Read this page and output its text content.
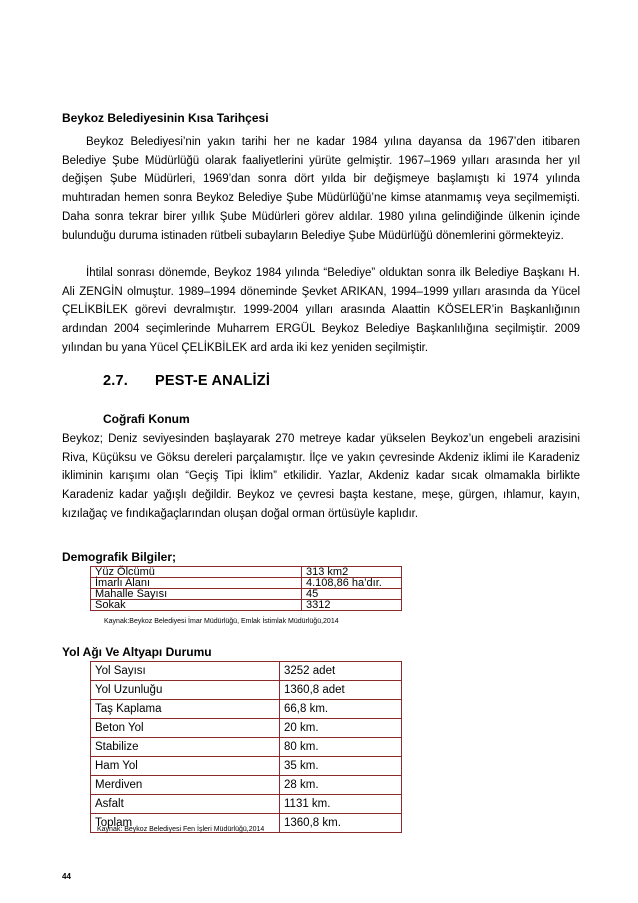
Beykoz Belediyesinin Kısa Tarihçesi

Beykoz Belediyesi’nin yakın tarihi her ne kadar 1984 yılına dayansa da 1967’den itibaren Belediye Şube Müdürlüğü olarak faaliyetlerini yürüte gelmiştir. 1967–1969 yılları arasında her yıl değişen Şube Müdürleri, 1969’dan sonra dört yılda bir değişmeye başlamıştı ki 1974 yılında muhtıradan hemen sonra Beykoz Belediye Şube Müdürlüğü’ne kimse atanmamış veya seçilmemişti. Daha sonra tekrar birer yıllık Şube Müdürleri görev aldılar. 1980 yılına gelindiğinde ülkenin içinde bulunduğu duruma istinaden rütbeli subayların Belediye Şube Müdürlüğü dönemlerini görmekteyiz.

İhtilal sonrası dönemde, Beykoz 1984 yılında “Belediye” olduktan sonra ilk Belediye Başkanı H. Ali ZENGİN olmuştur. 1989–1994 döneminde Şevket ARIKAN, 1994–1999 yılları arasında da Yücel ÇELİKBİLEK görevi devralmıştır. 1999-2004 yılları arasında Alaattin KÖSELER’in Başkanlığının ardından 2004 seçimlerinde Muharrem ERGÜL Beykoz Belediye Başkanlılığına seçilmiştir. 2009 yılından bu yana Yücel ÇELİKBİLEK ard arda iki kez yeniden seçilmiştir.

2.7. PEST-E ANALİZİ
Coğrafi Konum

Beykoz; Deniz seviyesinden başlayarak 270 metreye kadar yükselen Beykoz’un engebeli arazisini Riva, Küçüksu ve Göksu dereleri parçalamıştır. İlçe ve yakın çevresinde Akdeniz iklimi ile Karadeniz ikliminin karışımı olan “Geçiş Tipi İklim” etkilidir. Yazlar, Akdeniz kadar sıcak olmamakla birlikte Karadeniz kadar yağışlı değildir. Beykoz ve çevresi başta kestane, meşe, gürgen, ıhlamur, kayın, kızılağaç ve fındıkağaçlarından oluşan doğal orman örtüsüyle kaplıdır.

Demografik Bilgiler;
Yüz Ölcümü	313 km2
İmarlı Alanı	4.108,86 ha’dır.
Mahalle Sayısı	45
Sokak	3312
Kaynak:Beykoz Belediyesi İmar Müdürlüğü, Emlak İstimlak Müdürlüğü,2014
Yol Ağı Ve Altyapı Durumu
Yol Sayısı	3252 adet
Yol Uzunluğu	1360,8 adet
Taş Kaplama	66,8 km.
Beton Yol	20 km.
Stabilize	80 km.
Ham Yol	35 km.
Merdiven	28 km.
Asfalt	1131 km.
Toplam	1360,8 km.
Kaynak: Beykoz Belediyesi Fen İşleri Müdürlüğü,2014
44
